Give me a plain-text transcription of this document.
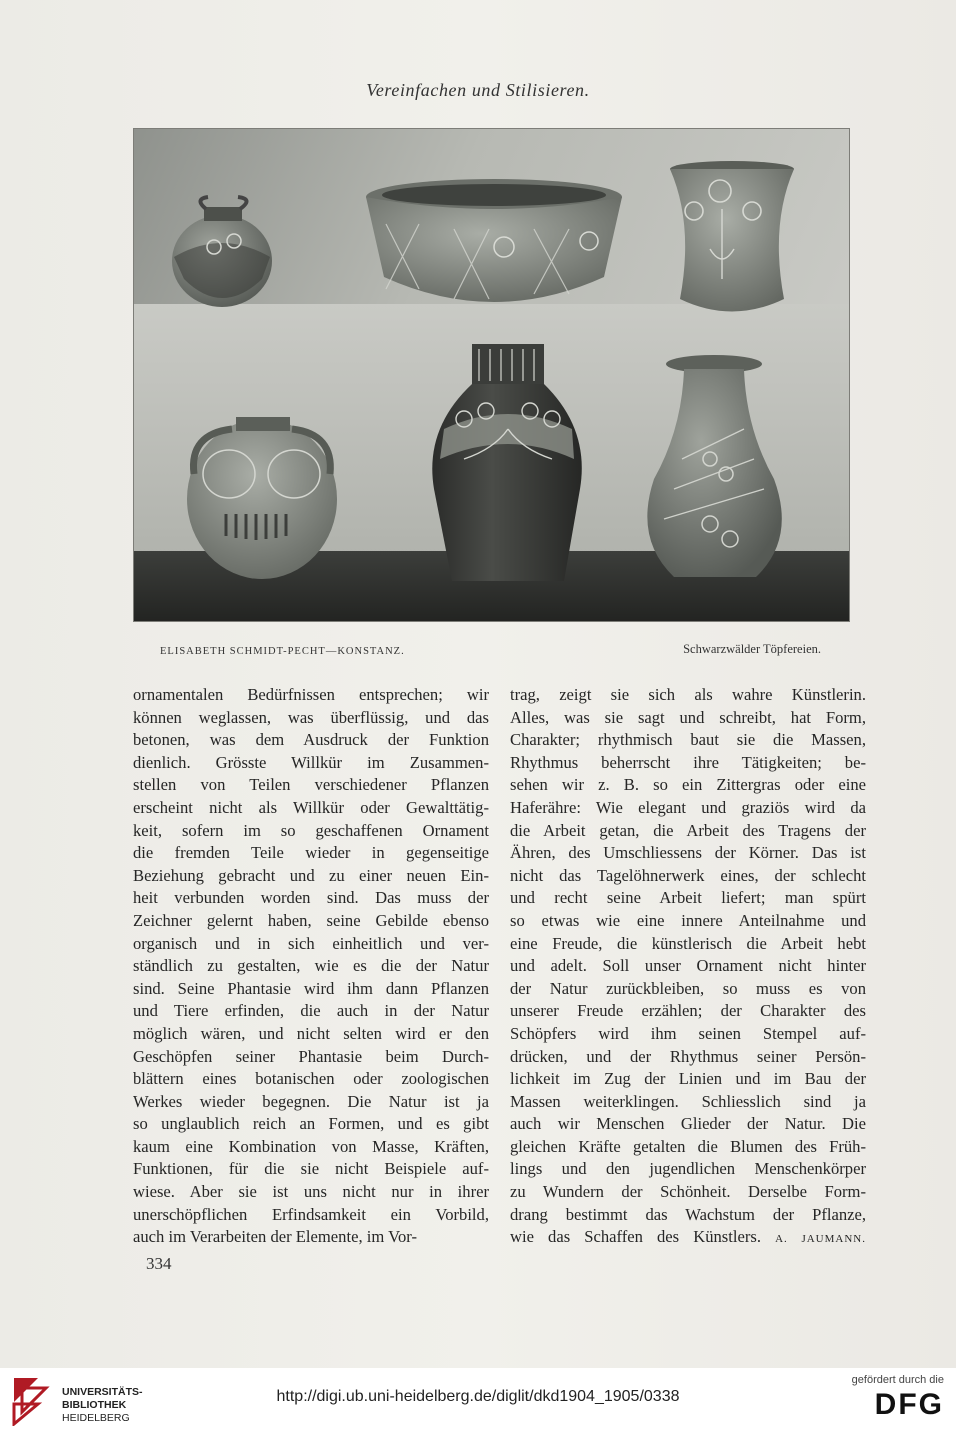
Vereinfachen und Stilisieren.
ELISABETH SCHMIDT-PECHT—KONSTANZ.	Schwarzwälder Töpfereien.
ornamentalen Bedürfnissen entsprechen; wir
können weglassen, was überflüssig, und das
betonen, was dem Ausdruck der Funktion
dienlich. Grösste Willkür im Zusammen-
stellen von Teilen verschiedener Pflanzen
erscheint nicht als Willkür oder Gewalttätig-
keit, sofern im so geschaffenen Ornament
die fremden Teile wieder in gegenseitige
Beziehung gebracht und zu einer neuen Ein-
heit verbunden worden sind. Das muss der
Zeichner gelernt haben, seine Gebilde ebenso
organisch und in sich einheitlich und ver-
ständlich zu gestalten, wie es die der Natur
sind. Seine Phantasie wird ihm dann Pflanzen
und Tiere erfinden, die auch in der Natur
möglich wären, und nicht selten wird er den
Geschöpfen seiner Phantasie beim Durch-
blättern eines botanischen oder zoologischen
Werkes wieder begegnen. Die Natur ist ja
so unglaublich reich an Formen, und es gibt
kaum eine Kombination von Masse, Kräften,
Funktionen, für die sie nicht Beispiele auf-
wiese. Aber sie ist uns nicht nur in ihrer
unerschöpflichen Erfindsamkeit ein Vorbild,
auch im Verarbeiten der Elemente, im Vor-
trag, zeigt sie sich als wahre Künstlerin.
Alles, was sie sagt und schreibt, hat Form,
Charakter; rhythmisch baut sie die Massen,
Rhythmus beherrscht ihre Tätigkeiten; be-
sehen wir z. B. so ein Zittergras oder eine
Haferähre: Wie elegant und graziös wird da
die Arbeit getan, die Arbeit des Tragens der
Ähren, des Umschliessens der Körner. Das ist
nicht das Tagelöhnerwerk eines, der schlecht
und recht seine Arbeit liefert; man spürt
so etwas wie eine innere Anteilnahme und
eine Freude, die künstlerisch die Arbeit hebt
und adelt. Soll unser Ornament nicht hinter
der Natur zurückbleiben, so muss es von
unserer Freude erzählen; der Charakter des
Schöpfers wird ihm seinen Stempel auf-
drücken, und der Rhythmus seiner Persön-
lichkeit im Zug der Linien und im Bau der
Massen weiterklingen. Schliesslich sind ja
auch wir Menschen Glieder der Natur. Die
gleichen Kräfte getalten die Blumen des Früh-
lings und den jugendlichen Menschenkörper
zu Wundern der Schönheit. Derselbe Form-
drang bestimmt das Wachstum der Pflanze,
wie das Schaffen des Künstlers. A. JAUMANN.
334
UNIVERSITÄTS-
BIBLIOTHEK
HEIDELBERG
http://digi.ub.uni-heidelberg.de/diglit/dkd1904_1905/0338
gefördert durch die
DFG
